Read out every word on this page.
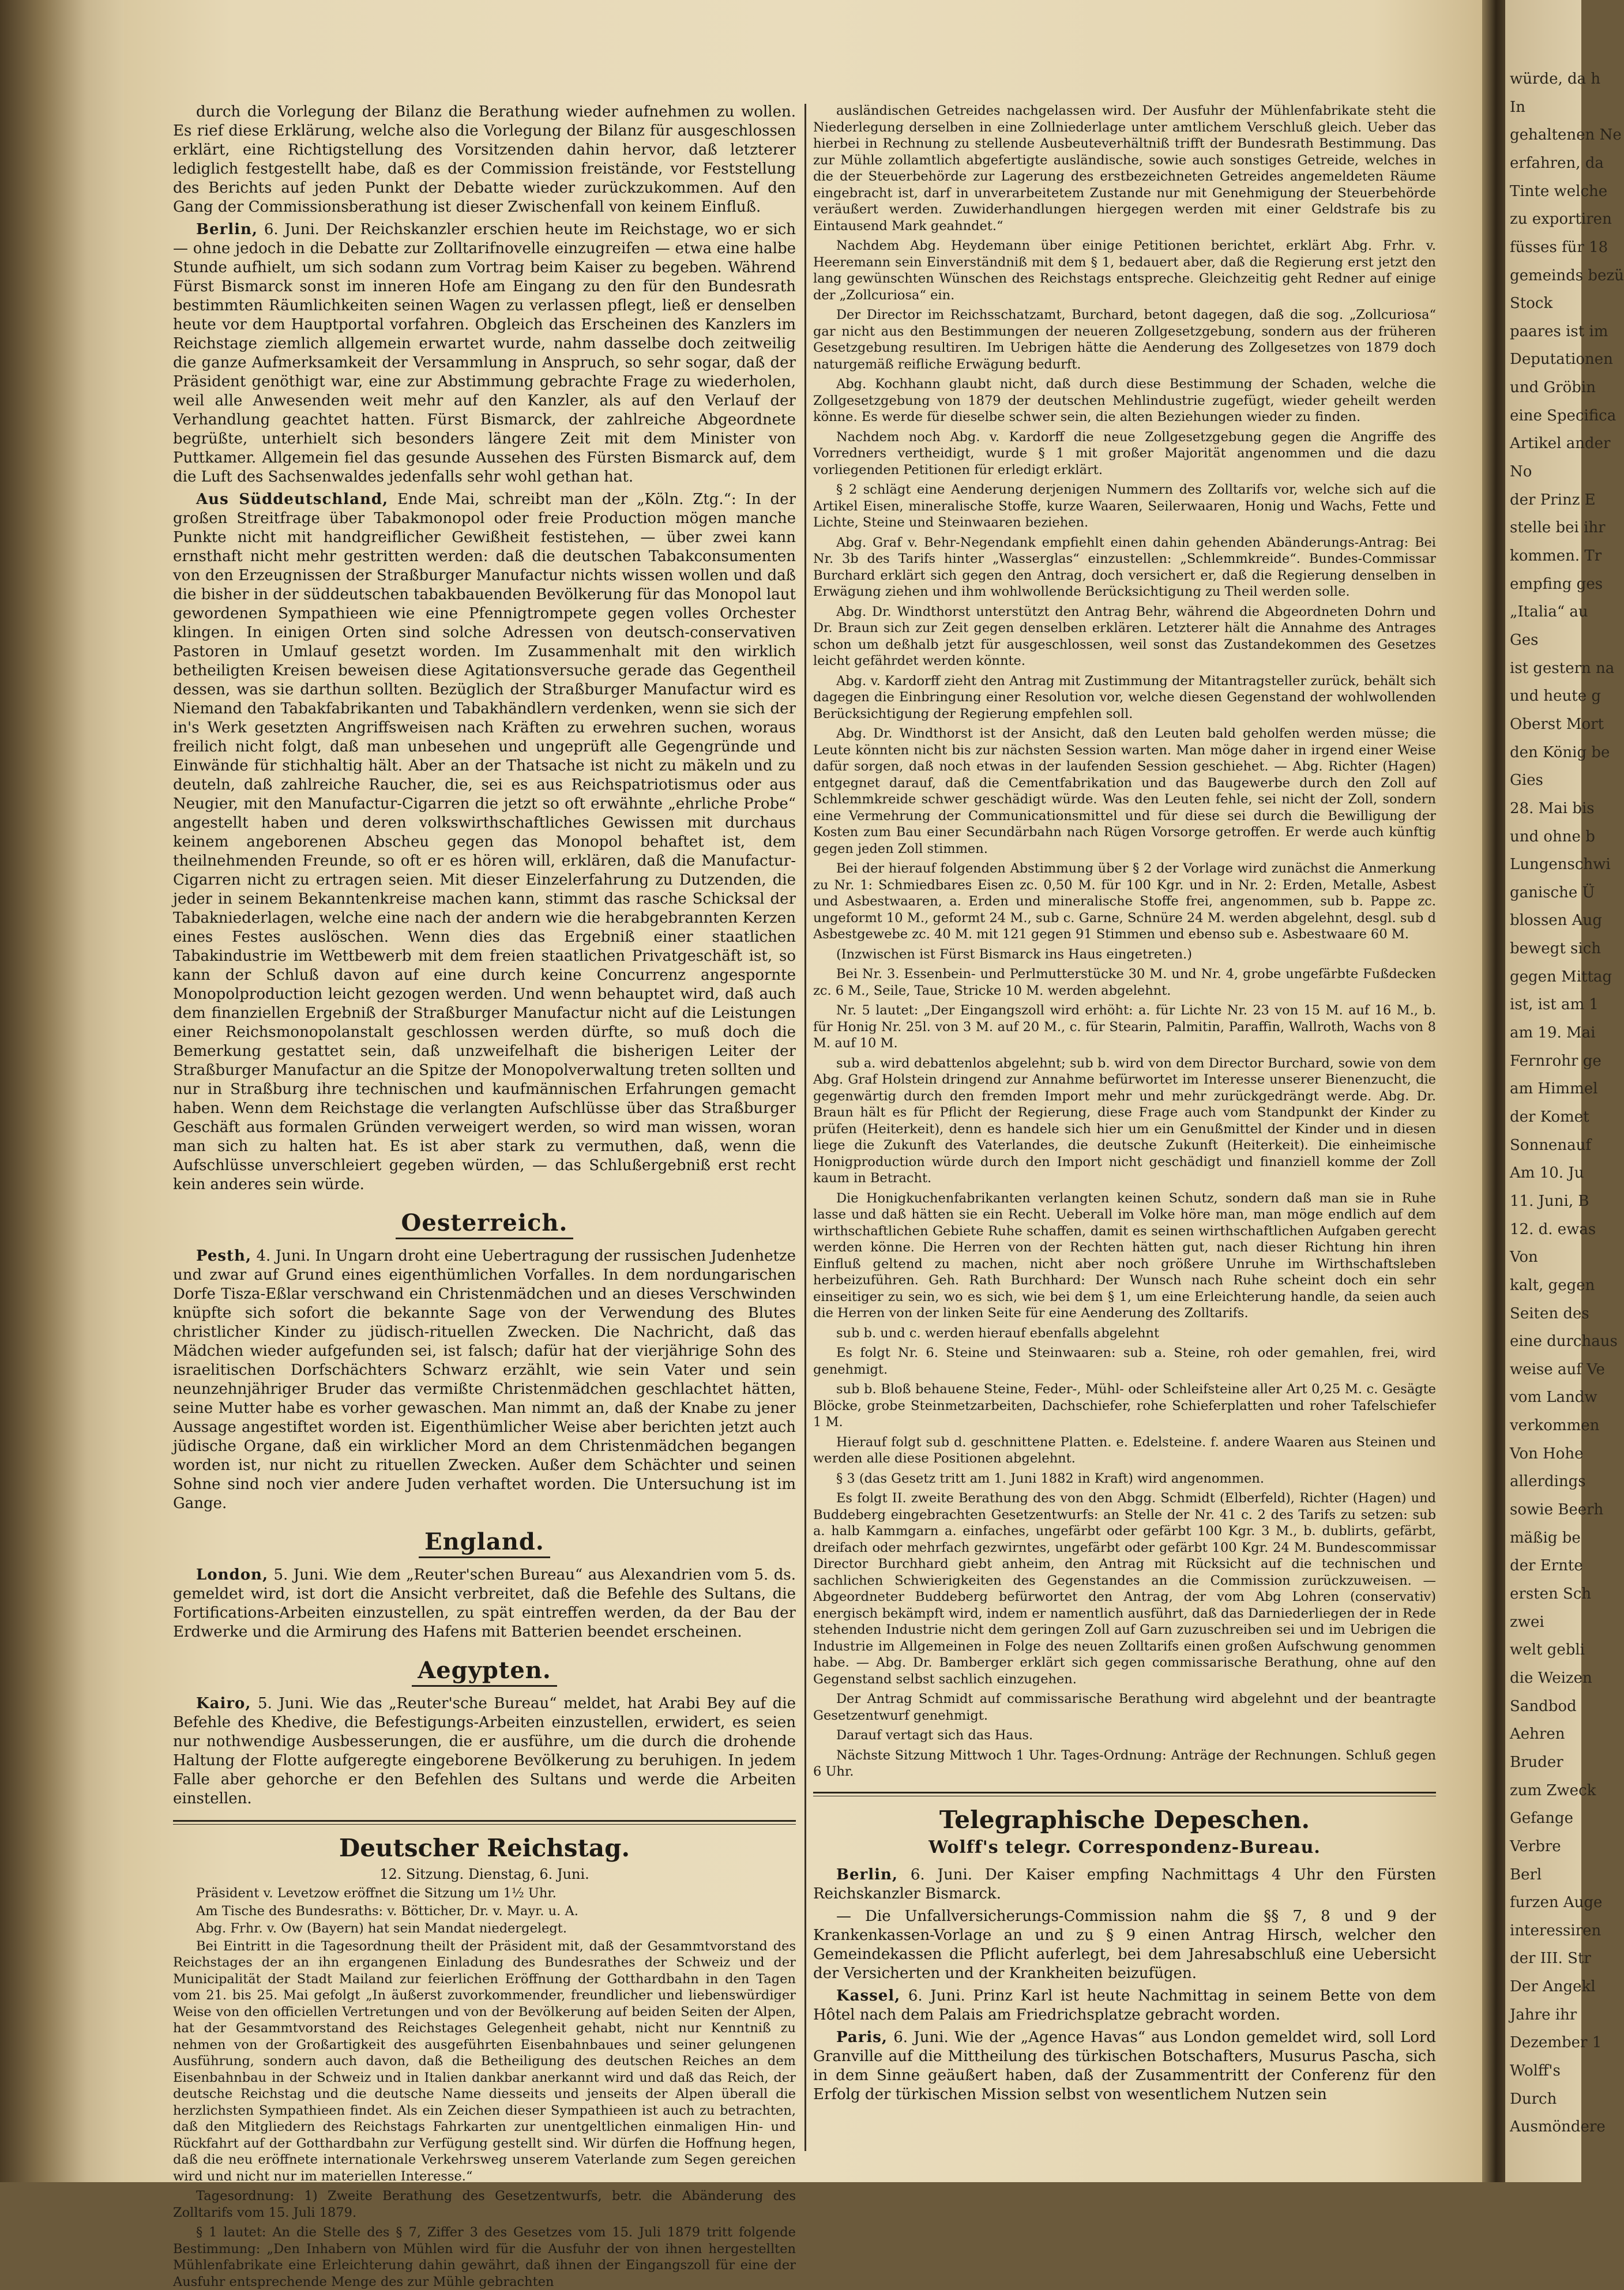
durch die Vorlegung der Bilanz die Berathung wieder aufnehmen zu wollen. Es rief diese Erklärung, welche also die Vorlegung der Bilanz für ausgeschlossen erklärt, eine Richtigstellung des Vorsitzenden dahin hervor, daß letzterer lediglich festgestellt habe, daß es der Commission freistände, vor Feststellung des Berichts auf jeden Punkt der Debatte wieder zurückzukommen. Auf den Gang der Commissionsberathung ist dieser Zwischenfall von keinem Einfluß.

Berlin, 6. Juni. Der Reichskanzler erschien heute im Reichstage, wo er sich — ohne jedoch in die Debatte zur Zolltarifnovelle einzugreifen — etwa eine halbe Stunde aufhielt, um sich sodann zum Vortrag beim Kaiser zu begeben. Während Fürst Bismarck sonst im inneren Hofe am Eingang zu den für den Bundesrath bestimmten Räumlichkeiten seinen Wagen zu verlassen pflegt, ließ er denselben heute vor dem Hauptportal vorfahren. Obgleich das Erscheinen des Kanzlers im Reichstage ziemlich allgemein erwartet wurde, nahm dasselbe doch zeitweilig die ganze Aufmerksamkeit der Versammlung in Anspruch, so sehr sogar, daß der Präsident genöthigt war, eine zur Abstimmung gebrachte Frage zu wiederholen, weil alle Anwesenden weit mehr auf den Kanzler, als auf den Verlauf der Verhandlung geachtet hatten. Fürst Bismarck, der zahlreiche Abgeordnete begrüßte, unterhielt sich besonders längere Zeit mit dem Minister von Puttkamer. Allgemein fiel das gesunde Aussehen des Fürsten Bismarck auf, dem die Luft des Sachsenwaldes jedenfalls sehr wohl gethan hat.

Aus Süddeutschland, Ende Mai, schreibt man der „Köln. Ztg.“: In der großen Streitfrage über Tabakmonopol oder freie Production mögen manche Punkte nicht mit handgreiflicher Gewißheit festistehen, — über zwei kann ernsthaft nicht mehr gestritten werden: daß die deutschen Tabakconsumenten von den Erzeugnissen der Straßburger Manufactur nichts wissen wollen und daß die bisher in der süddeutschen tabakbauenden Bevölkerung für das Monopol laut gewordenen Sympathieen wie eine Pfennigtrompete gegen volles Orchester klingen. In einigen Orten sind solche Adressen von deutsch-conservativen Pastoren in Umlauf gesetzt worden. Im Zusammenhalt mit den wirklich betheiligten Kreisen beweisen diese Agitationsversuche gerade das Gegentheil dessen, was sie darthun sollten. Bezüglich der Straßburger Manufactur wird es Niemand den Tabakfabrikanten und Tabakhändlern verdenken, wenn sie sich der in's Werk gesetzten Angriffsweisen nach Kräften zu erwehren suchen, woraus freilich nicht folgt, daß man unbesehen und ungeprüft alle Gegengründe und Einwände für stichhaltig hält. Aber an der Thatsache ist nicht zu mäkeln und zu deuteln, daß zahlreiche Raucher, die, sei es aus Reichspatriotismus oder aus Neugier, mit den Manufactur-Cigarren die jetzt so oft erwähnte „ehrliche Probe“ angestellt haben und deren volkswirthschaftliches Gewissen mit durchaus keinem angeborenen Abscheu gegen das Monopol behaftet ist, dem theilnehmenden Freunde, so oft er es hören will, erklären, daß die Manufactur-Cigarren nicht zu ertragen seien. Mit dieser Einzelerfahrung zu Dutzenden, die jeder in seinem Bekanntenkreise machen kann, stimmt das rasche Schicksal der Tabakniederlagen, welche eine nach der andern wie die herabgebrannten Kerzen eines Festes auslöschen. Wenn dies das Ergebniß einer staatlichen Tabakindustrie im Wettbewerb mit dem freien staatlichen Privatgeschäft ist, so kann der Schluß davon auf eine durch keine Concurrenz angespornte Monopolproduction leicht gezogen werden. Und wenn behauptet wird, daß auch dem finanziellen Ergebniß der Straßburger Manufactur nicht auf die Leistungen einer Reichsmonopolanstalt geschlossen werden dürfte, so muß doch die Bemerkung gestattet sein, daß unzweifelhaft die bisherigen Leiter der Straßburger Manufactur an die Spitze der Monopolverwaltung treten sollten und nur in Straßburg ihre technischen und kaufmännischen Erfahrungen gemacht haben. Wenn dem Reichstage die verlangten Aufschlüsse über das Straßburger Geschäft aus formalen Gründen verweigert werden, so wird man wissen, woran man sich zu halten hat. Es ist aber stark zu vermuthen, daß, wenn die Aufschlüsse unverschleiert gegeben würden, — das Schlußergebniß erst recht kein anderes sein würde.

Oesterreich.

Pesth, 4. Juni. In Ungarn droht eine Uebertragung der russischen Judenhetze und zwar auf Grund eines eigenthümlichen Vorfalles. In dem nordungarischen Dorfe Tisza-Eßlar verschwand ein Christenmädchen und an dieses Verschwinden knüpfte sich sofort die bekannte Sage von der Verwendung des Blutes christlicher Kinder zu jüdisch-rituellen Zwecken. Die Nachricht, daß das Mädchen wieder aufgefunden sei, ist falsch; dafür hat der vierjährige Sohn des israelitischen Dorfschächters Schwarz erzählt, wie sein Vater und sein neunzehnjähriger Bruder das vermißte Christenmädchen geschlachtet hätten, seine Mutter habe es vorher gewaschen. Man nimmt an, daß der Knabe zu jener Aussage angestiftet worden ist. Eigenthümlicher Weise aber berichten jetzt auch jüdische Organe, daß ein wirklicher Mord an dem Christenmädchen begangen worden ist, nur nicht zu rituellen Zwecken. Außer dem Schächter und seinen Sohne sind noch vier andere Juden verhaftet worden. Die Untersuchung ist im Gange.

England.

London, 5. Juni. Wie dem „Reuter'schen Bureau“ aus Alexandrien vom 5. ds. gemeldet wird, ist dort die Ansicht verbreitet, daß die Befehle des Sultans, die Fortifications-Arbeiten einzustellen, zu spät eintreffen werden, da der Bau der Erdwerke und die Armirung des Hafens mit Batterien beendet erscheinen.

Aegypten.

Kairo, 5. Juni. Wie das „Reuter'sche Bureau“ meldet, hat Arabi Bey auf die Befehle des Khedive, die Befestigungs-Arbeiten einzustellen, erwidert, es seien nur nothwendige Ausbesserungen, die er ausführe, um die durch die drohende Haltung der Flotte aufgeregte eingeborene Bevölkerung zu beruhigen. In jedem Falle aber gehorche er den Befehlen des Sultans und werde die Arbeiten einstellen.

Deutscher Reichstag.
12. Sitzung. Dienstag, 6. Juni.
Präsident v. Levetzow eröffnet die Sitzung um 1½ Uhr.
Am Tische des Bundesraths: v. Bötticher, Dr. v. Mayr. u. A.
Abg. Frhr. v. Ow (Bayern) hat sein Mandat niedergelegt.

Bei Eintritt in die Tagesordnung theilt der Präsident mit, daß der Gesammtvorstand des Reichstages der an ihn ergangenen Einladung des Bundesrathes der Schweiz und der Municipalität der Stadt Mailand zur feierlichen Eröffnung der Gotthardbahn in den Tagen vom 21. bis 25. Mai gefolgt „In äußerst zuvorkommender, freundlicher und liebenswürdiger Weise von den officiellen Vertretungen und von der Bevölkerung auf beiden Seiten der Alpen, hat der Gesammtvorstand des Reichstages Gelegenheit gehabt, nicht nur Kenntniß zu nehmen von der Großartigkeit des ausgeführten Eisenbahnbaues und seiner gelungenen Ausführung, sondern auch davon, daß die Betheiligung des deutschen Reiches an dem Eisenbahnbau in der Schweiz und in Italien dankbar anerkannt wird und daß das Reich, der deutsche Reichstag und die deutsche Name diesseits und jenseits der Alpen überall die herzlichsten Sympathieen findet. Als ein Zeichen dieser Sympathieen ist auch zu betrachten, daß den Mitgliedern des Reichstags Fahrkarten zur unentgeltlichen einmaligen Hin- und Rückfahrt auf der Gotthardbahn zur Verfügung gestellt sind. Wir dürfen die Hoffnung hegen, daß die neu eröffnete internationale Verkehrsweg unserem Vaterlande zum Segen gereichen wird und nicht nur im materiellen Interesse.“

Tagesordnung: 1) Zweite Berathung des Gesetzentwurfs, betr. die Abänderung des Zolltarifs vom 15. Juli 1879.

§ 1 lautet: An die Stelle des § 7, Ziffer 3 des Gesetzes vom 15. Juli 1879 tritt folgende Bestimmung: „Den Inhabern von Mühlen wird für die Ausfuhr der von ihnen hergestellten Mühlenfabrikate eine Erleichterung dahin gewährt, daß ihnen der Eingangszoll für eine der Ausfuhr entsprechende Menge des zur Mühle gebrachten

ausländischen Getreides nachgelassen wird. Der Ausfuhr der Mühlenfabrikate steht die Niederlegung derselben in eine Zollniederlage unter amtlichem Verschluß gleich. Ueber das hierbei in Rechnung zu stellende Ausbeuteverhältniß trifft der Bundesrath Bestimmung. Das zur Mühle zollamtlich abgefertigte ausländische, sowie auch sonstiges Getreide, welches in die der Steuerbehörde zur Lagerung des erstbezeichneten Getreides angemeldeten Räume eingebracht ist, darf in unverarbeitetem Zustande nur mit Genehmigung der Steuerbehörde veräußert werden. Zuwiderhandlungen hiergegen werden mit einer Geldstrafe bis zu Eintausend Mark geahndet.“

Nachdem Abg. Heydemann über einige Petitionen berichtet, erklärt Abg. Frhr. v. Heeremann sein Einverständniß mit dem § 1, bedauert aber, daß die Regierung erst jetzt den lang gewünschten Wünschen des Reichstags entspreche. Gleichzeitig geht Redner auf einige der „Zollcuriosa“ ein.

Der Director im Reichsschatzamt, Burchard, betont dagegen, daß die sog. „Zollcuriosa“ gar nicht aus den Bestimmungen der neueren Zollgesetzgebung, sondern aus der früheren Gesetzgebung resultiren. Im Uebrigen hätte die Aenderung des Zollgesetzes von 1879 doch naturgemäß reifliche Erwägung bedurft.

Abg. Kochhann glaubt nicht, daß durch diese Bestimmung der Schaden, welche die Zollgesetzgebung von 1879 der deutschen Mehlindustrie zugefügt, wieder geheilt werden könne. Es werde für dieselbe schwer sein, die alten Beziehungen wieder zu finden.

Nachdem noch Abg. v. Kardorff die neue Zollgesetzgebung gegen die Angriffe des Vorredners vertheidigt, wurde § 1 mit großer Majorität angenommen und die dazu vorliegenden Petitionen für erledigt erklärt.

§ 2 schlägt eine Aenderung derjenigen Nummern des Zolltarifs vor, welche sich auf die Artikel Eisen, mineralische Stoffe, kurze Waaren, Seilerwaaren, Honig und Wachs, Fette und Lichte, Steine und Steinwaaren beziehen.

Abg. Graf v. Behr-Negendank empfiehlt einen dahin gehenden Abänderungs-Antrag: Bei Nr. 3b des Tarifs hinter „Wasserglas“ einzustellen: „Schlemmkreide“. Bundes-Commissar Burchard erklärt sich gegen den Antrag, doch versichert er, daß die Regierung denselben in Erwägung ziehen und ihm wohlwollende Berücksichtigung zu Theil werden solle.

Abg. Dr. Windthorst unterstützt den Antrag Behr, während die Abgeordneten Dohrn und Dr. Braun sich zur Zeit gegen denselben erklären. Letzterer hält die Annahme des Antrages schon um deßhalb jetzt für ausgeschlossen, weil sonst das Zustandekommen des Gesetzes leicht gefährdet werden könnte.

Abg. v. Kardorff zieht den Antrag mit Zustimmung der Mitantragsteller zurück, behält sich dagegen die Einbringung einer Resolution vor, welche diesen Gegenstand der wohlwollenden Berücksichtigung der Regierung empfehlen soll.

Abg. Dr. Windthorst ist der Ansicht, daß den Leuten bald geholfen werden müsse; die Leute könnten nicht bis zur nächsten Session warten. Man möge daher in irgend einer Weise dafür sorgen, daß noch etwas in der laufenden Session geschiehet. — Abg. Richter (Hagen) entgegnet darauf, daß die Cementfabrikation und das Baugewerbe durch den Zoll auf Schlemmkreide schwer geschädigt würde. Was den Leuten fehle, sei nicht der Zoll, sondern eine Vermehrung der Communicationsmittel und für diese sei durch die Bewilligung der Kosten zum Bau einer Secundärbahn nach Rügen Vorsorge getroffen. Er werde auch künftig gegen jeden Zoll stimmen.

Bei der hierauf folgenden Abstimmung über § 2 der Vorlage wird zunächst die Anmerkung zu Nr. 1: Schmiedbares Eisen zc. 0,50 M. für 100 Kgr. und in Nr. 2: Erden, Metalle, Asbest und Asbestwaaren, a. Erden und mineralische Stoffe frei, angenommen, sub b. Pappe zc. ungeformt 10 M., geformt 24 M., sub c. Garne, Schnüre 24 M. werden abgelehnt, desgl. sub d Asbestgewebe zc. 40 M. mit 121 gegen 91 Stimmen und ebenso sub e. Asbestwaare 60 M.

(Inzwischen ist Fürst Bismarck ins Haus eingetreten.)

Bei Nr. 3. Essenbein- und Perlmutterstücke 30 M. und Nr. 4, grobe ungefärbte Fußdecken zc. 6 M., Seile, Taue, Stricke 10 M. werden abgelehnt.

Nr. 5 lautet: „Der Eingangszoll wird erhöht: a. für Lichte Nr. 23 von 15 M. auf 16 M., b. für Honig Nr. 25l. von 3 M. auf 20 M., c. für Stearin, Palmitin, Paraffin, Wallroth, Wachs von 8 M. auf 10 M.

sub a. wird debattenlos abgelehnt; sub b. wird von dem Director Burchard, sowie von dem Abg. Graf Holstein dringend zur Annahme befürwortet im Interesse unserer Bienenzucht, die gegenwärtig durch den fremden Import mehr und mehr zurückgedrängt werde. Abg. Dr. Braun hält es für Pflicht der Regierung, diese Frage auch vom Standpunkt der Kinder zu prüfen (Heiterkeit), denn es handele sich hier um ein Genußmittel der Kinder und in diesen liege die Zukunft des Vaterlandes, die deutsche Zukunft (Heiterkeit). Die einheimische Honigproduction würde durch den Import nicht geschädigt und finanziell komme der Zoll kaum in Betracht.

Die Honigkuchenfabrikanten verlangten keinen Schutz, sondern daß man sie in Ruhe lasse und daß hätten sie ein Recht. Ueberall im Volke höre man, man möge endlich auf dem wirthschaftlichen Gebiete Ruhe schaffen, damit es seinen wirthschaftlichen Aufgaben gerecht werden könne. Die Herren von der Rechten hätten gut, nach dieser Richtung hin ihren Einfluß geltend zu machen, nicht aber noch größere Unruhe im Wirthschaftsleben herbeizuführen. Geh. Rath Burchhard: Der Wunsch nach Ruhe scheint doch ein sehr einseitiger zu sein, wo es sich, wie bei dem § 1, um eine Erleichterung handle, da seien auch die Herren von der linken Seite für eine Aenderung des Zolltarifs.

sub b. und c. werden hierauf ebenfalls abgelehnt

Es folgt Nr. 6. Steine und Steinwaaren: sub a. Steine, roh oder gemahlen, frei, wird genehmigt.

sub b. Bloß behauene Steine, Feder-, Mühl- oder Schleifsteine aller Art 0,25 M. c. Gesägte Blöcke, grobe Steinmetzarbeiten, Dachschiefer, rohe Schieferplatten und roher Tafelschiefer 1 M.

Hierauf folgt sub d. geschnittene Platten. e. Edelsteine. f. andere Waaren aus Steinen und werden alle diese Positionen abgelehnt.

§ 3 (das Gesetz tritt am 1. Juni 1882 in Kraft) wird angenommen.

Es folgt II. zweite Berathung des von den Abgg. Schmidt (Elberfeld), Richter (Hagen) und Buddeberg eingebrachten Gesetzentwurfs: an Stelle der Nr. 41 c. 2 des Tarifs zu setzen: sub a. halb Kammgarn a. einfaches, ungefärbt oder gefärbt 100 Kgr. 3 M., b. dublirts, gefärbt, dreifach oder mehrfach gezwirntes, ungefärbt oder gefärbt 100 Kgr. 24 M. Bundescommissar Director Burchhard giebt anheim, den Antrag mit Rücksicht auf die technischen und sachlichen Schwierigkeiten des Gegenstandes an die Commission zurückzuweisen. — Abgeordneter Buddeberg befürwortet den Antrag, der vom Abg Lohren (conservativ) energisch bekämpft wird, indem er namentlich ausführt, daß das Darniederliegen der in Rede stehenden Industrie nicht dem geringen Zoll auf Garn zuzuschreiben sei und im Uebrigen die Industrie im Allgemeinen in Folge des neuen Zolltarifs einen großen Aufschwung genommen habe. — Abg. Dr. Bamberger erklärt sich gegen commissarische Berathung, ohne auf den Gegenstand selbst sachlich einzugehen.

Der Antrag Schmidt auf commissarische Berathung wird abgelehnt und der beantragte Gesetzentwurf genehmigt.

Darauf vertagt sich das Haus.

Nächste Sitzung Mittwoch 1 Uhr. Tages-Ordnung: Anträge der Rechnungen. Schluß gegen 6 Uhr.

Telegraphische Depeschen.
Wolff's telegr. Correspondenz-Bureau.

Berlin, 6. Juni. Der Kaiser empfing Nachmittags 4 Uhr den Fürsten Reichskanzler Bismarck.

— Die Unfallversicherungs-Commission nahm die §§ 7, 8 und 9 der Krankenkassen-Vorlage an und zu § 9 einen Antrag Hirsch, welcher den Gemeindekassen die Pflicht auferlegt, bei dem Jahresabschluß eine Uebersicht der Versicherten und der Krankheiten beizufügen.

Kassel, 6. Juni. Prinz Karl ist heute Nachmittag in seinem Bette von dem Hôtel nach dem Palais am Friedrichsplatze gebracht worden.

Paris, 6. Juni. Wie der „Agence Havas“ aus London gemeldet wird, soll Lord Granville auf die Mittheilung des türkischen Botschafters, Musurus Pascha, sich in dem Sinne geäußert haben, daß der Zusammentritt der Conferenz für den Erfolg der türkischen Mission selbst von wesentlichem Nutzen sein

würde, da h
In
gehaltenen Ne
erfahren, da
Tinte welche
zu exportiren
füsses für 18
gemeinds bezü
Stock
paares ist im
Deputationen
und Gröbin
eine Specifica
Artikel ander
No
der Prinz E
stelle bei ihr
kommen. Tr
empfing ges
„Italia“ au
Ges
ist gestern na
und heute g
Oberst Mort
den König be
Gies
28. Mai bis
und ohne b
Lungenschwi
ganische Ü
blossen Aug
bewegt sich
gegen Mittag
ist, ist am 1
am 19. Mai
Fernrohr ge
am Himmel
der Komet
Sonnenauf
Am 10. Ju
11. Juni, B
12. d. ewas
Von
kalt, gegen
Seiten des
eine durchaus
weise auf Ve
vom Landw
verkommen
Von Hohe
allerdings
sowie Beerh
mäßig be
der Ernte
ersten Sch
zwei
welt gebli
die Weizen
Sandbod
Aehren
Bruder
zum Zweck
Gefange
Verbre
Berl
furzen Auge
interessiren
der III. Str
Der Angekl
Jahre ihr
Dezember 1
Wolff's
Durch
Ausmöndere
